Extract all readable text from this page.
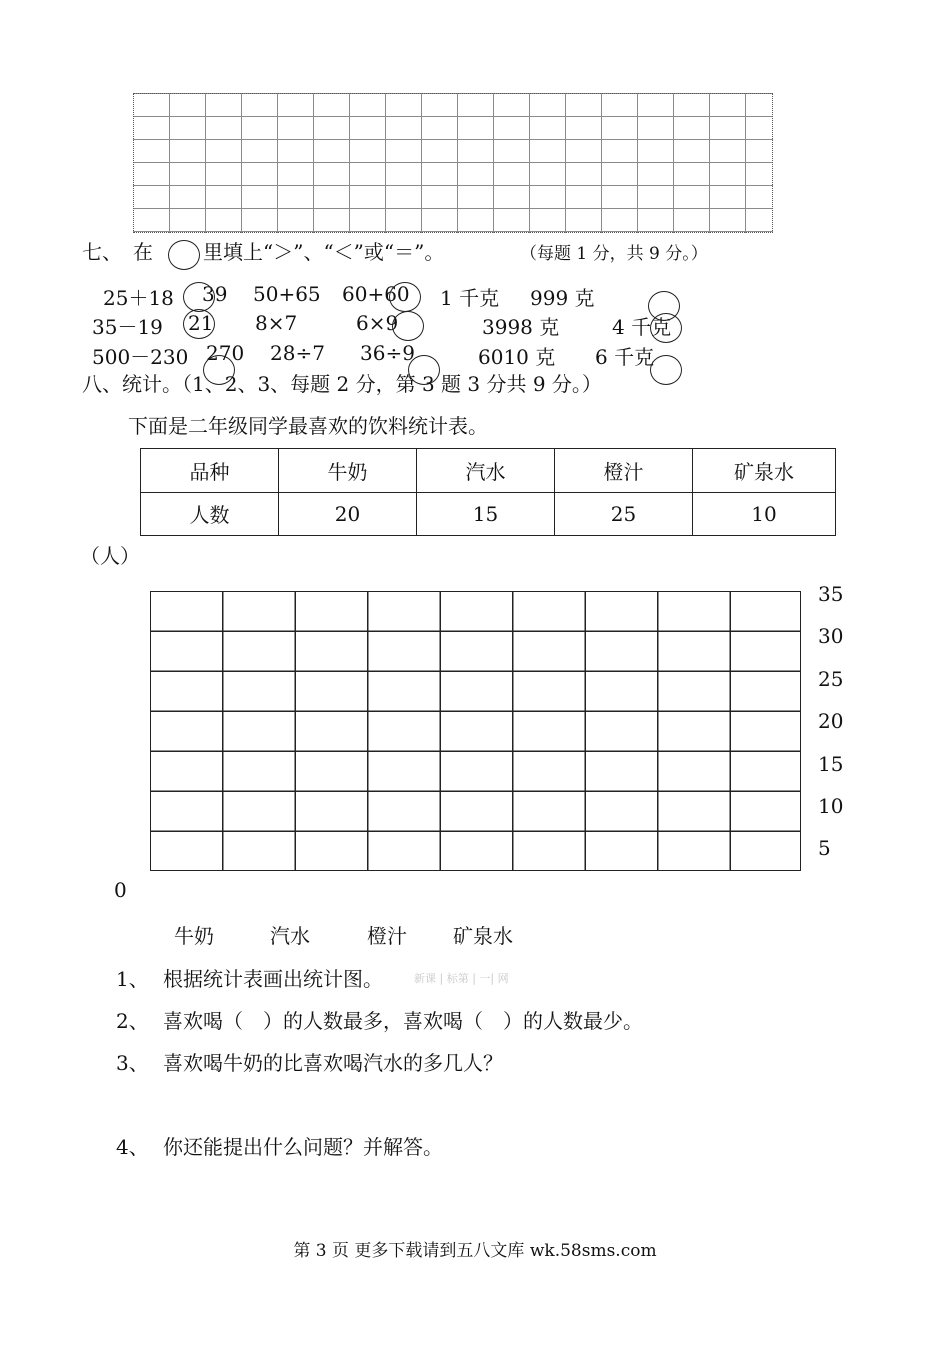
七、 在	里填上“＞”、“＜”或“＝”。	（每题 1 分，共 9 分。）
25＋18 39 50+65 60+60 1 千克 999 克
35－19 21 8×7	6×9	3998 克	4 千克
500－230 270 28÷7 36÷9	6010 克 6 千克
八、统计。（1、2、3、每题 2 分，第 3 题 3 分共 9 分。）
下面是二年级同学最喜欢的饮料统计表。
品种	牛奶	汽水	橙汁	矿泉水
人数	20	15	25	10
（人）
35
30
25
20
15
10
5
0
牛奶	汽水	橙汁 矿泉水
1、 根据统计表画出统计图。	新课 | 标第 | 一| 网
2、 喜欢喝（　）的人数最多，喜欢喝（　）的人数最少。
3、 喜欢喝牛奶的比喜欢喝汽水的多几人？
4、 你还能提出什么问题？并解答。
第 3 页 更多下载请到五八文库 wk.58sms.com
